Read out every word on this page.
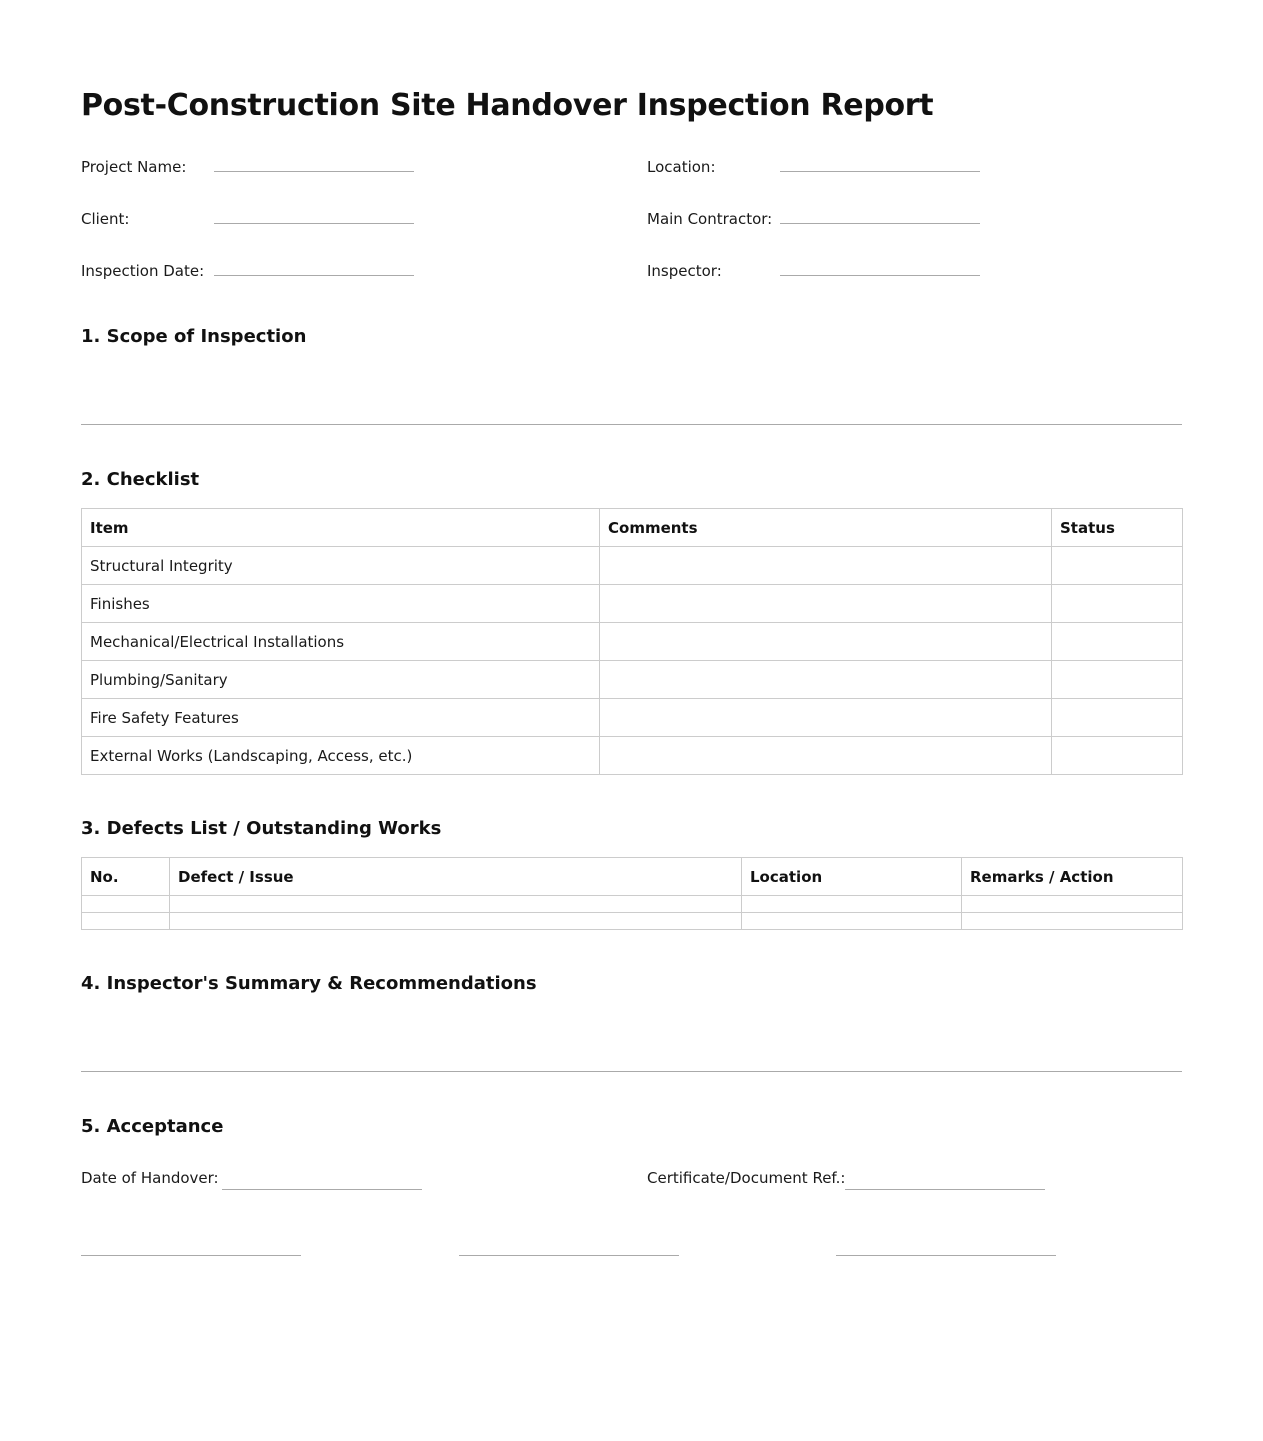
Post-Construction Site Handover Inspection Report
Project Name:
Client:
Inspection Date:
Location:
Main Contractor:
Inspector:
1. Scope of Inspection
2. Checklist
Item	Comments	Status
Structural Integrity		
Finishes		
Mechanical/Electrical Installations		
Plumbing/Sanitary		
Fire Safety Features		
External Works (Landscaping, Access, etc.)		
3. Defects List / Outstanding Works
No.	Defect / Issue	Location	Remarks / Action

4. Inspector's Summary & Recommendations
5. Acceptance
Date of Handover:	Certificate/Document Ref.:
